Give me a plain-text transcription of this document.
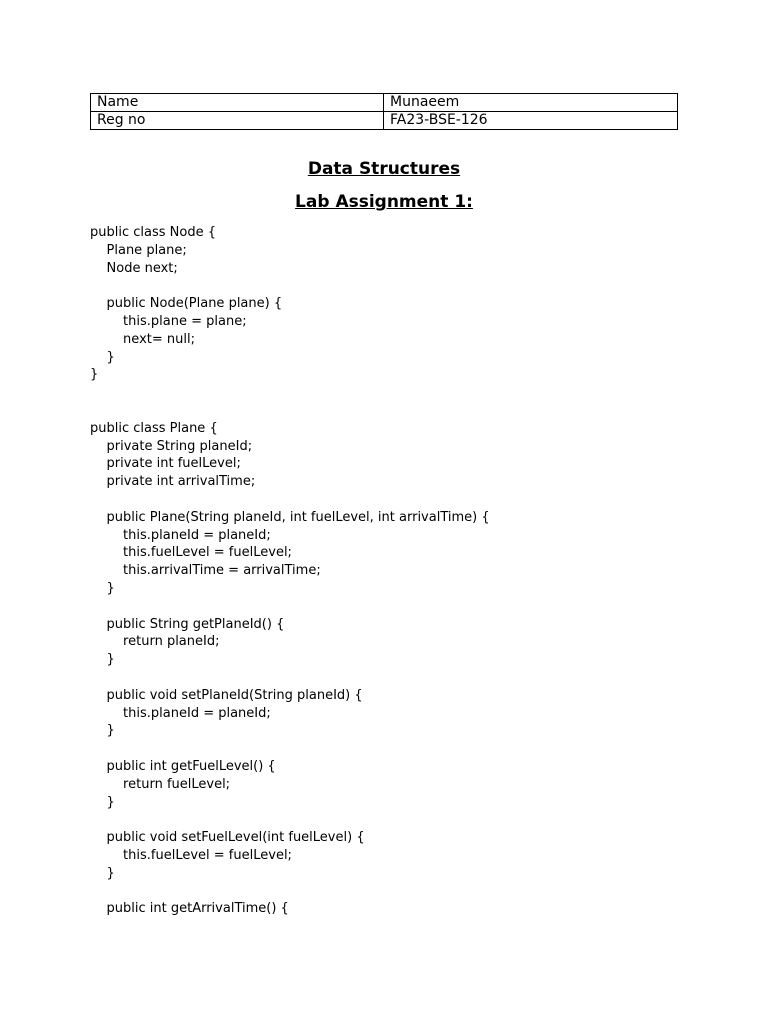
Name	Munaeem
Reg no	FA23-BSE-126
Data Structures
Lab Assignment 1:
public class Node {
Plane plane;
Node next;
public Node(Plane plane) {
this.plane = plane;
next= null;
}
}
public class Plane {
private String planeId;
private int fuelLevel;
private int arrivalTime;
public Plane(String planeId, int fuelLevel, int arrivalTime) {
this.planeId = planeId;
this.fuelLevel = fuelLevel;
this.arrivalTime = arrivalTime;
}
public String getPlaneId() {
return planeId;
}
public void setPlaneId(String planeId) {
this.planeId = planeId;
}
public int getFuelLevel() {
return fuelLevel;
}
public void setFuelLevel(int fuelLevel) {
this.fuelLevel = fuelLevel;
}
public int getArrivalTime() {
